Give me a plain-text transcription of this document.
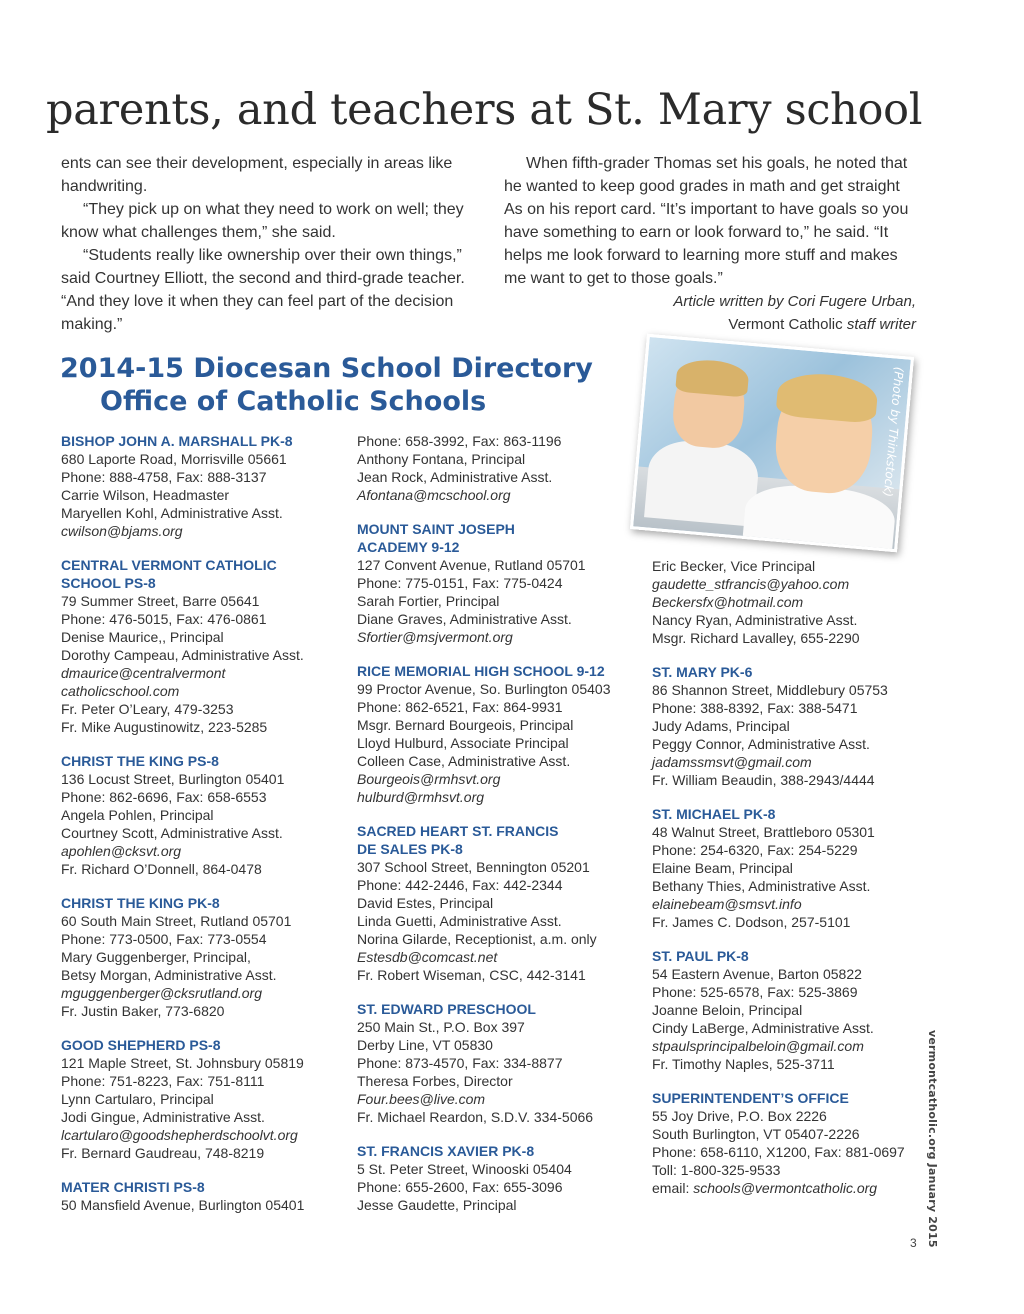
parents, and teachers at St. Mary school

ents can see their development, especially in areas like handwriting.

“They pick up on what they need to work on well; they know what challenges them,” she said.

“Students really like ownership over their own things,” said Courtney Elliott, the second and third-grade teacher. “And they love it when they can feel part of the decision making.”

When fifth-grader Thomas set his goals, he noted that he wanted to keep good grades in math and get straight As on his report card. “It’s important to have goals so you have something to earn or look forward to,” he said. “It helps me look forward to learning more stuff and makes me want to get to those goals.”

Article written by Cori Fugere Urban,
Vermont Catholic staff writer
2014-15 Diocesan School Directory
Office of Catholic Schools	(Photo by Thinkstock)
BISHOP JOHN A. MARSHALL PK-8
680 Laporte Road, Morrisville 05661
Phone: 888-4758, Fax: 888-3137
Carrie Wilson, Headmaster
Maryellen Kohl, Administrative Asst.
cwilson@bjams.org
CENTRAL VERMONT CATHOLIC
SCHOOL PS-8
79 Summer Street, Barre 05641
Phone: 476-5015, Fax: 476-0861
Denise Maurice,, Principal
Dorothy Campeau, Administrative Asst.
dmaurice@centralvermont
catholicschool.com
Fr. Peter O’Leary, 479-3253
Fr. Mike Augustinowitz, 223-5285
CHRIST THE KING PS-8
136 Locust Street, Burlington 05401
Phone: 862-6696, Fax: 658-6553
Angela Pohlen, Principal
Courtney Scott, Administrative Asst.
apohlen@cksvt.org
Fr. Richard O’Donnell, 864-0478
CHRIST THE KING PK-8
60 South Main Street, Rutland 05701
Phone: 773-0500, Fax: 773-0554
Mary Guggenberger, Principal,
Betsy Morgan, Administrative Asst.
mguggenberger@cksrutland.org
Fr. Justin Baker, 773-6820
GOOD SHEPHERD PS-8
121 Maple Street, St. Johnsbury 05819
Phone: 751-8223, Fax: 751-8111
Lynn Cartularo, Principal
Jodi Gingue, Administrative Asst.
lcartularo@goodshepherdschoolvt.org
Fr. Bernard Gaudreau, 748-8219
MATER CHRISTI PS-8
50 Mansfield Avenue, Burlington 05401
Phone: 658-3992, Fax: 863-1196
Anthony Fontana, Principal
Jean Rock, Administrative Asst.
Afontana@mcschool.org
MOUNT SAINT JOSEPH
ACADEMY 9-12
127 Convent Avenue, Rutland 05701
Phone: 775-0151, Fax: 775-0424
Sarah Fortier, Principal
Diane Graves, Administrative Asst.
Sfortier@msjvermont.org
RICE MEMORIAL HIGH SCHOOL 9-12
99 Proctor Avenue, So. Burlington 05403
Phone: 862-6521, Fax: 864-9931
Msgr. Bernard Bourgeois, Principal
Lloyd Hulburd, Associate Principal
Colleen Case, Administrative Asst.
Bourgeois@rmhsvt.org
hulburd@rmhsvt.org
SACRED HEART ST. FRANCIS
DE SALES PK-8
307 School Street, Bennington 05201
Phone: 442-2446, Fax: 442-2344
David Estes, Principal
Linda Guetti, Administrative Asst.
Norina Gilarde, Receptionist, a.m. only
Estesdb@comcast.net
Fr. Robert Wiseman, CSC, 442-3141
ST. EDWARD PRESCHOOL
250 Main St., P.O. Box 397
Derby Line, VT 05830
Phone: 873-4570, Fax: 334-8877
Theresa Forbes, Director
Four.bees@live.com
Fr. Michael Reardon, S.D.V. 334-5066
ST. FRANCIS XAVIER PK-8
5 St. Peter Street, Winooski 05404
Phone: 655-2600, Fax: 655-3096
Jesse Gaudette, Principal
Eric Becker, Vice Principal
gaudette_stfrancis@yahoo.com
Beckersfx@hotmail.com
Nancy Ryan, Administrative Asst.
Msgr. Richard Lavalley, 655-2290
ST. MARY PK-6
86 Shannon Street, Middlebury 05753
Phone: 388-8392, Fax: 388-5471
Judy Adams, Principal
Peggy Connor, Administrative Asst.
jadamssmsvt@gmail.com
Fr. William Beaudin, 388-2943/4444
ST. MICHAEL PK-8
48 Walnut Street, Brattleboro 05301
Phone: 254-6320, Fax: 254-5229
Elaine Beam, Principal
Bethany Thies, Administrative Asst.
elainebeam@smsvt.info
Fr. James C. Dodson, 257-5101
ST. PAUL PK-8
54 Eastern Avenue, Barton 05822
Phone: 525-6578, Fax: 525-3869
Joanne Beloin, Principal
Cindy LaBerge, Administrative Asst.
stpaulsprincipalbeloin@gmail.com
Fr. Timothy Naples, 525-3711
SUPERINTENDENT’S OFFICE
55 Joy Drive, P.O. Box 2226
South Burlington, VT 05407-2226
Phone: 658-6110, X1200, Fax: 881-0697
Toll: 1-800-325-9533
email: schools@vermontcatholic.org	vermontcatholic.org January 2015
3
